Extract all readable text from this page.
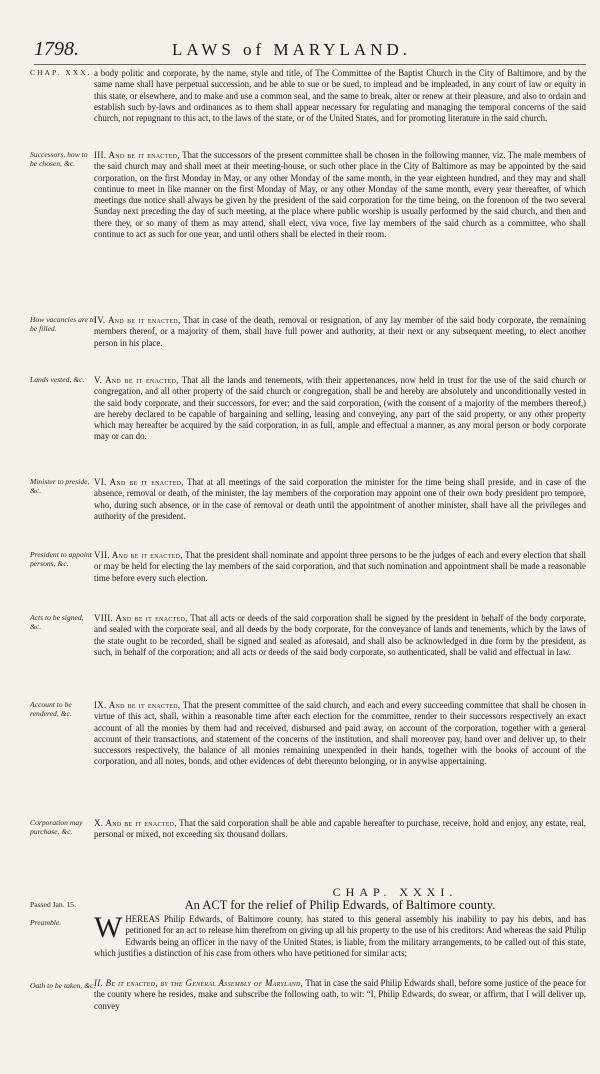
1798.	LAWS of MARYLAND.
CHAP. XXX. a body politic and corporate, by the name, style and title, of The Committee of the Baptist Church in the City of Baltimore, and by the same name shall have perpetual succession, and be able to sue or be sued, to implead and be impleaded, in any court of law or equity in this state, or elsewhere, and to make and use a common seal, and the same to break, alter or renew at their pleasure, and also to ordain and establish such by-laws and ordinances as to them shall appear necessary for regulating and managing the temporal concerns of the said church, not repugnant to this act, to the laws of the state, or of the United States, and for promoting literature in the said church.
Successors, how to be chosen, &c.
III. And be it enacted, That the successors of the present committee shall be chosen in the following manner, viz. The male members of the said church may and shall meet at their meeting-house, or such other place in the City of Baltimore as may be appointed by the said corporation, on the first Monday in May, or any other Monday of the same month, in the year eighteen hundred, and they may and shall continue to meet in like manner on the first Monday of May, or any other Monday of the same month, every year thereafter, of which meetings due notice shall always be given by the president of the said corporation for the time being, on the forenoon of the two several Sunday next preceding the day of such meeting, at the place where public worship is usually performed by the said church, and then and there they, or so many of them as may attend, shall elect, viva voce, five lay members of the said church as a committee, who shall continue to act as such for one year, and until others shall be elected in their room.
How vacancies are to be filled.
IV. And be it enacted, That in case of the death, removal or resignation, of any lay member of the said body corporate, the remaining members thereof, or a majority of them, shall have full power and authority, at their next or any subsequent meeting, to elect another person in his place.
Lands vested, &c.	V. And be it enacted, That all the lands and tenements, with their appertenances, now held in trust for the use of the said church or congregation, and all other property of the said church or congregation, shall be and hereby are absolutely and unconditionally vested in the said body corporate, and their successors, for ever; and the said corporation, (with the consent of a majority of the members thereof,) are hereby declared to be capable of bargaining and selling, leasing and conveying, any part of the said property, or any other property which may hereafter be acquired by the said corporation, in as full, ample and effectual a manner, as any moral person or body corporate may or can do.
Minister to preside, &c.
VI. And be it enacted, That at all meetings of the said corporation the minister for the time being shall preside, and in case of the absence, removal or death, of the minister, the lay members of the corporation may appoint one of their own body president pro tempore, who, during such absence, or in the case of removal or death until the appointment of another minister, shall have all the privileges and authority of the president.
President to appoint persons, &c.
VII. And be it enacted, That the president shall nominate and appoint three persons to be the judges of each and every election that shall or may be held for electing the lay members of the said corporation, and that such nomination and appointment shall be made a reasonable time before every such election.
Acts to be signed, &c.
VIII. And be it enacted, That all acts or deeds of the said corporation shall be signed by the president in behalf of the body corporate, and sealed with the corporate seal, and all deeds by the body corporate, for the conveyance of lands and tenements, which by the laws of the state ought to be recorded, shall be signed and sealed as aforesaid, and shall also be acknowledged in due form by the president, as such, in behalf of the corporation; and all acts or deeds of the said body corporate, so authenticated, shall be valid and effectual in law.
Account to be rendered, &c.
IX. And be it enacted, That the present committee of the said church, and each and every succeeding committee that shall be chosen in virtue of this act, shall, within a reasonable time after each election for the committee, render to their successors respectively an exact account of all the monies by them had and received, disbursed and paid away, on account of the corporation, together with a general account of their transactions, and statement of the concerns of the institution, and shall moreover pay, hand over and deliver up, to their successors respectively, the balance of all monies remaining unexpended in their hands, together with the books of account of the corporation, and all notes, bonds, and other evidences of debt thereunto belonging, or in anywise appertaining.
Corporation may purchase, &c.
X. And be it enacted, That the said corporation shall be able and capable hereafter to purchase, receive, hold and enjoy, any estate, real, personal or mixed, not exceeding six thousand dollars.
CHAP. XXXI.
Passed Jan. 15.	An ACT for the relief of Philip Edwards, of Baltimore county.
Preamble.	WHEREAS Philip Edwards, of Baltimore county, has stated to this general assembly his inability to pay his debts, and has petitioned for an act to release him therefrom on giving up all his property to the use of his creditors: And whereas the said Philip Edwards being an officer in the navy of the United States, is liable, from the military arrangements, to be called out of this state, which justifies a distinction of his case from others who have petitioned for similar acts;
Oath to be taken, &c.
II. Be it enacted, by the General Assembly of Maryland, That in case the said Philip Edwards shall, before some justice of the peace for the county where he resides, make and subscribe the following oath, to wit: “I, Philip Edwards, do swear, or affirm, that I will deliver up, convey
